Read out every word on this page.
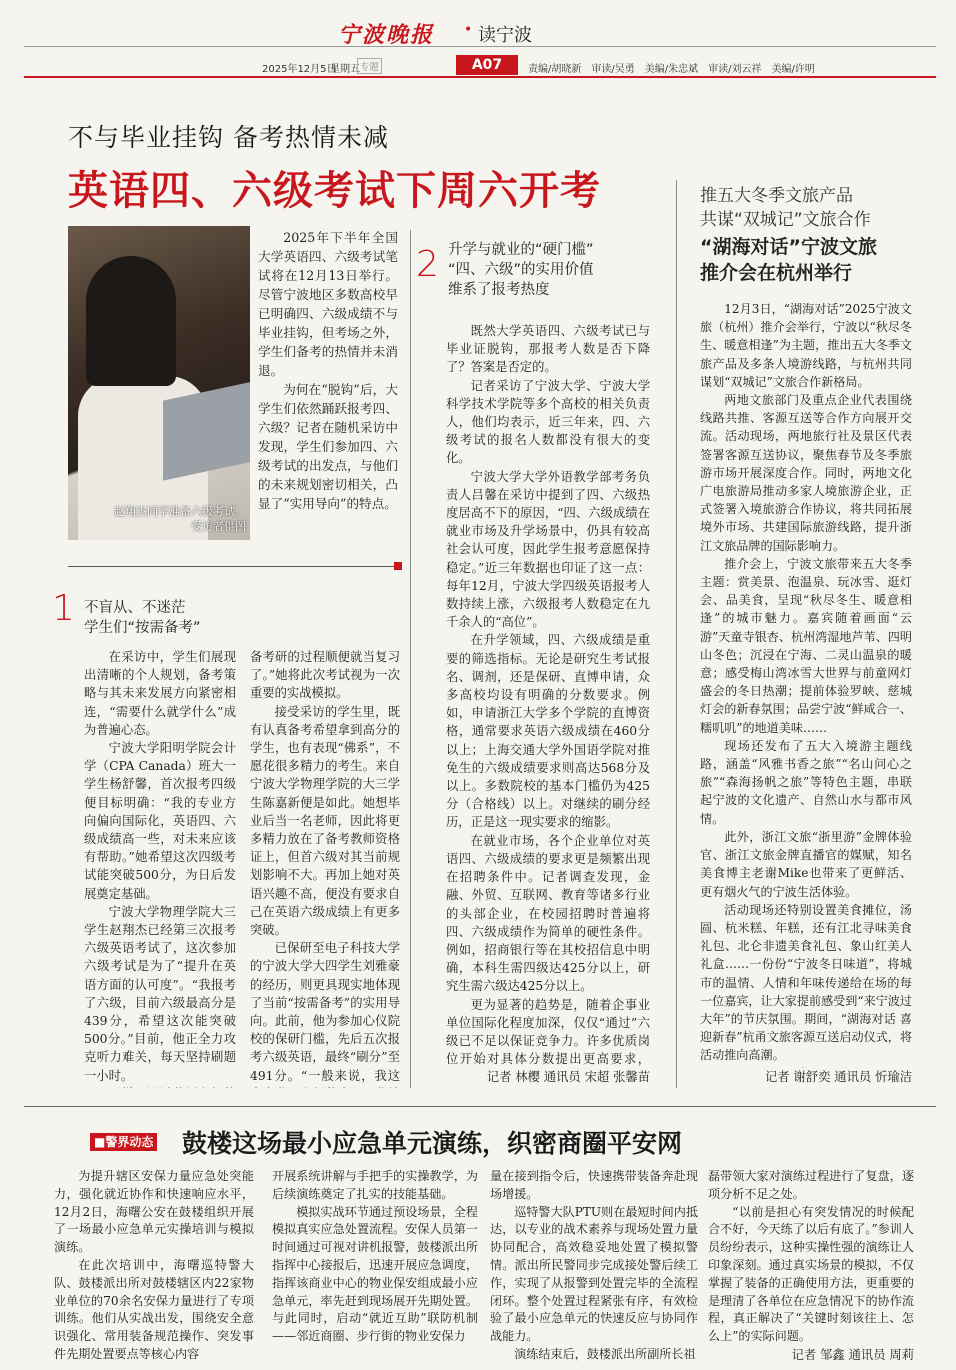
宁波晚报 • 读宁波
2025年12月5日
星期五 专题	A07	责编/胡晓新　审读/吴勇　美编/朱忠斌　审读/刘云祥　美编/许明
不与毕业挂钩 备考热情未减
英语四、六级考试下周六开考
赵翔杰同学准备六级考试。
受访者供图

2025年下半年全国大学英语四、六级考试笔试将在12月13日举行。尽管宁波地区多数高校早已明确四、六级成绩不与毕业挂钩，但考场之外，学生们备考的热情并未消退。

为何在“脱钩”后，大学生们依然踊跃报考四、六级？记者在随机采访中发现，学生们参加四、六级考试的出发点，与他们的未来规划密切相关，凸显了“实用导向”的特点。

1 不盲从、不迷茫
学生们“按需备考”

在采访中，学生们展现出清晰的个人规划，备考策略与其未来发展方向紧密相连，“需要什么就学什么”成为普遍心态。

宁波大学阳明学院会计学（CPA Canada）班大一学生杨舒馨，首次报考四级便目标明确：“我的专业方向偏向国际化，英语四、六级成绩高一些，对未来应该有帮助。”她希望这次四级考试能突破500分，为日后发展奠定基础。

宁波大学物理学院大三学生赵翔杰已经第三次报考六级英语考试了，这次参加六级考试是为了“提升在英语方面的认可度”。“我报考了六级，目前六级最高分是439分，希望这次能突破500分。”目前，他正全力攻克听力难关，每天坚持刷题一小时。

备考研的过程顺便就当复习了。”她将此次考试视为一次重要的实战模拟。

接受采访的学生里，既有认真备考希望拿到高分的学生，也有表现“佛系”，不愿花很多精力的考生。来自宁波大学物理学院的大三学生陈嘉新便是如此。她想毕业后当一名老师，因此将更多精力放在了备考教师资格证上，但首六级对其当前规划影响不大。再加上她对英语兴趣不高，便没有要求自己在英语六级成绩上有更多突破。

已保研至电子科技大学的宁波大学大四学生刘雅豪的经历，则更具现实地体现了当前“按需备考”的实用导向。此前，他为参加心仪院校的保研门槛，先后五次报考六级英语，最终“刷分”至491分。“一般来说，我这

2 升学与就业的“硬门槛”
“四、六级”的实用价值
维系了报考热度

既然大学英语四、六级考试已与毕业证脱钩，那报考人数是否下降了？答案是否定的。

记者采访了宁波大学、宁波大学科学技术学院等多个高校的相关负责人，他们均表示，近三年来，四、六级考试的报名人数都没有很大的变化。

宁波大学大学外语教学部考务负责人吕馨在采访中提到了四、六级热度居高不下的原因，“四、六级成绩在就业市场及升学场景中，仍具有较高社会认可度，因此学生报考意愿保持稳定。”近三年数据也印证了这一点：每年12月，宁波大学四级英语报考人数持续上涨，六级报考人数稳定在九千余人的“高位”。

在升学领域，四、六级成绩是重要的筛选指标。无论是研究生考试报名、调剂，还是保研、直博申请，众多高校均设有明确的分数要求。例如，申请浙江大学多个学院的直博资格，通常要求英语六级成绩在460分以上；上海交通大学外国语学院对推免生的六级成绩要求则高达568分及以上。多数院校的基本门槛仍为425分（合格线）以上。对继续的刷分经历，正是这一现实要求的缩影。

在就业市场，各个企业单位对英语四、六级成绩的要求更是频繁出现在招聘条件中。记者调查发现，金融、外贸、互联网、教育等诸多行业的头部企业，在校园招聘时普遍将四、六级成绩作为简单的硬性条件。例如，招商银行等在其校招信息中明确，本科生需四级达425分以上，研究生需六级达425分以上。

更为显著的趋势是，随着企事业单位国际化程度加深，仅仅“通过”六级已不足以保证竞争力。许多优质岗位开始对具体分数提出更高要求，

记者 林樱 通讯员 宋超 张馨苗
推五大冬季文旅产品
共谋“双城记”文旅合作
“湖海对话”宁波文旅
推介会在杭州举行

12月3日，“湖海对话”2025宁波文旅（杭州）推介会举行，宁波以“秋尽冬生、暖意相逢”为主题，推出五大冬季文旅产品及多条人境游线路，与杭州共同谋划“双城记”文旅合作新格局。

两地文旅部门及重点企业代表围绕线路共推、客源互送等合作方向展开交流。活动现场，两地旅行社及景区代表签署客源互送协议，聚焦春节及冬季旅游市场开展深度合作。同时，两地文化广电旅游局推动多家人境旅游企业，正式签署入境旅游合作协议，将共同拓展境外市场、共建国际旅游线路，提升浙江文旅品牌的国际影响力。

推介会上，宁波文旅带来五大冬季主题：赏美景、泡温泉、玩冰雪、逛灯会、品美食，呈现“秋尽冬生、暖意相逢”的城市魅力。嘉宾随着画面“云游”天童寺银杏、杭州湾湿地芦苇、四明山冬色；沉浸在宁海、二灵山温泉的暖意；感受梅山湾冰雪大世界与前童网灯盛会的冬日热潮；提前体验罗峡、慈城灯会的新春氛围；品尝宁波“鲜咸合一、糯叽叽”的地道美味……

现场还发布了五大入境游主题线路，涵盖“风雅书香之旅”“名山问心之旅”“森海扬帆之旅”等特色主题，串联起宁波的文化遗产、自然山水与都市风情。

此外，浙江文旅“浙里游”金牌体验官、浙江文旅金牌直播官的媒赋，知名美食博主老谢Mike也带来了更鲜活、更有烟火气的宁波生活体验。

活动现场还特别设置美食摊位，汤圆、杭米糕、年糕，还有江北寻味美食礼包、北仑非遗美食礼包、象山红美人礼盒……一份份“宁波冬日味道”，将城市的温情、人情和年味传递给在场的每一位嘉宾，让大家提前感受到“来宁波过大年”的节庆氛围。期间，“湖海对话 喜迎新春”杭甬文旅客源互送启动仪式，将活动推向高潮。

记者 谢舒奕 通讯员 忻瑜洁
■警界动态 鼓楼这场最小应急单元演练，织密商圈平安网

为提升辖区安保力量应急处突能力，强化就近协作和快速响应水平，12月2日，海曙公安在鼓楼组织开展了一场最小应急单元实操培训与模拟演练。

在此次培训中，海曙巡特警大队、鼓楼派出所对鼓楼辖区内22家物业单位的70余名安保力量进行了专项训练。他们从实战出发，围绕安全意识强化、常用装备规范操作、突发事件先期处置要点等核心内容

开展系统讲解与手把手的实操教学，为后续演练奠定了扎实的技能基础。

模拟实战环节通过预设场景，全程模拟真实应急处置流程。安保人员第一时间通过可视对讲机报警，鼓楼派出所指挥中心接报后，迅速开展应急调度，指挥该商业中心的物业保安组成最小应急单元，率先赶到现场展开先期处置。与此同时，启动“就近互助”联防机制——邻近商圈、步行街的物业安保力

量在接到指令后，快速携带装备奔赴现场增援。

巡特警大队PTU则在最短时间内抵达，以专业的战术素养与现场处置力量协同配合，高效稳妥地处置了模拟警情。派出所民警同步完成接处警后续工作，实现了从报警到处置完毕的全流程闭环。整个处置过程紧张有序，有效检验了最小应急单元的快速反应与协同作战能力。

演练结束后，鼓楼派出所副所长祖

磊带领大家对演练过程进行了复盘，逐项分析不足之处。

“以前是担心有突发情况的时候配合不好，今天练了以后有底了。”参训人员纷纷表示，这种实操性强的演练让人印象深刻。通过真实场景的模拟，不仅掌握了装备的正确使用方法，更重要的是理清了各单位在应急情况下的协作流程，真正解决了“关键时刻该往上、怎么上”的实际问题。

记者 邹鑫 通讯员 周莉
